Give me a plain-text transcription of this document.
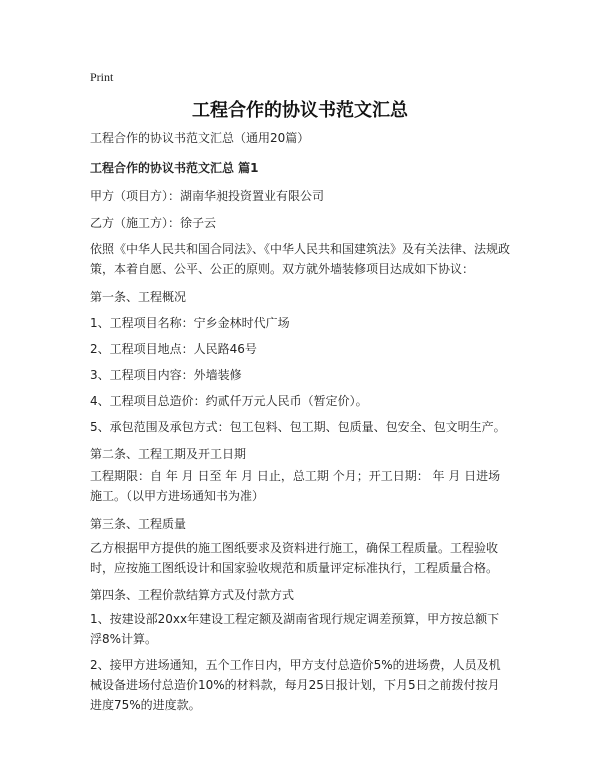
Print
工程合作的协议书范文汇总

工程合作的协议书范文汇总（通用20篇）

工程合作的协议书范文汇总 篇1

甲方（项目方）：湖南华昶投资置业有限公司

乙方（施工方）：徐子云

依照《中华人民共和国合同法》、《中华人民共和国建筑法》及有关法律、法规政策，本着自愿、公平、公正的原则。双方就外墙装修项目达成如下协议：

第一条、工程概况

1、工程项目名称：宁乡金林时代广场

2、工程项目地点：人民路46号

3、工程项目内容：外墙装修

4、工程项目总造价：约贰仟万元人民币（暂定价）。

5、承包范围及承包方式：包工包料、包工期、包质量、包安全、包文明生产。

第二条、工程工期及开工日期

工程期限：自 年 月 日至 年 月 日止，总工期 个月；开工日期： 年 月 日进场施工。（以甲方进场通知书为准）

第三条、工程质量

乙方根据甲方提供的施工图纸要求及资料进行施工，确保工程质量。工程验收时，应按施工图纸设计和国家验收规范和质量评定标准执行，工程质量合格。

第四条、工程价款结算方式及付款方式

1、按建设部20xx年建设工程定额及湖南省现行规定调差预算，甲方按总额下浮8%计算。

2、接甲方进场通知，五个工作日内，甲方支付总造价5%的进场费，人员及机械设备进场付总造价10%的材料款，每月25日报计划，下月5日之前拨付按月进度75%的进度款。
